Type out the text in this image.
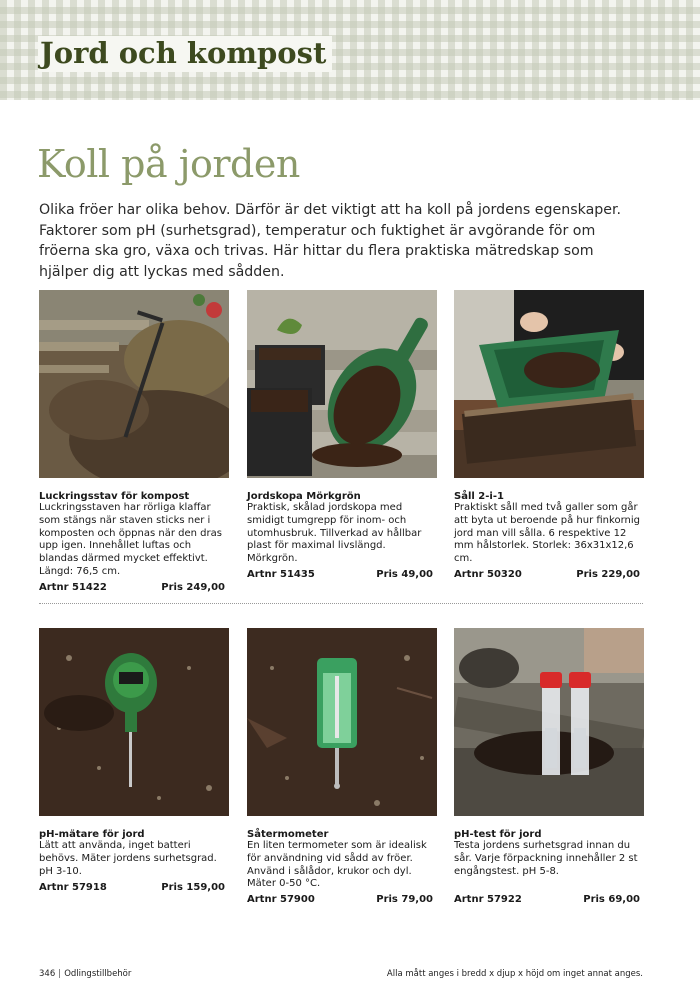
Jord och kompost
Koll på jorden

Olika fröer har olika behov. Därför är det viktigt att ha koll på jordens egenskaper. Faktorer som pH (surhetsgrad), temperatur och fuktighet är avgörande för om fröerna ska gro, växa och trivas. Här hittar du flera praktiska mätredskap som hjälper dig att lyckas med sådden.

Luckringsstav för kompost
Luckringsstaven har rörliga klaffar som stängs när staven sticks ner i komposten och öppnas när den dras upp igen. Innehållet luftas och blandas därmed mycket effektivt. Längd: 76,5 cm.
Artnr 51422	Pris 249,00
Jordskopa Mörkgrön
Praktisk, skålad jordskopa med smidigt tumgrepp för inom- och utomhusbruk. Tillverkad av hållbar plast för maximal livslängd. Mörkgrön.
Artnr 51435	Pris 49,00
Såll 2-i-1
Praktiskt såll med två galler som går att byta ut beroende på hur finkornig jord man vill sålla. 6 respektive 12 mm hålstorlek. Storlek: 36x31x12,6 cm.
Artnr 50320	Pris 229,00
pH-mätare för jord
Lätt att använda, inget batteri behövs. Mäter jordens surhetsgrad. pH 3-10.
Artnr 57918	Pris 159,00
Såtermometer
En liten termometer som är idealisk för användning vid sådd av fröer. Använd i sålådor, krukor och dyl. Mäter 0-50 °C.
Artnr 57900	Pris 79,00
pH-test för jord
Testa jordens surhetsgrad innan du sår. Varje förpackning innehåller 2 st engångstest. pH 5-8.
Artnr 57922	Pris 69,00
346 Odlingstillbehör	Alla mått anges i bredd x djup x höjd om inget annat anges.
